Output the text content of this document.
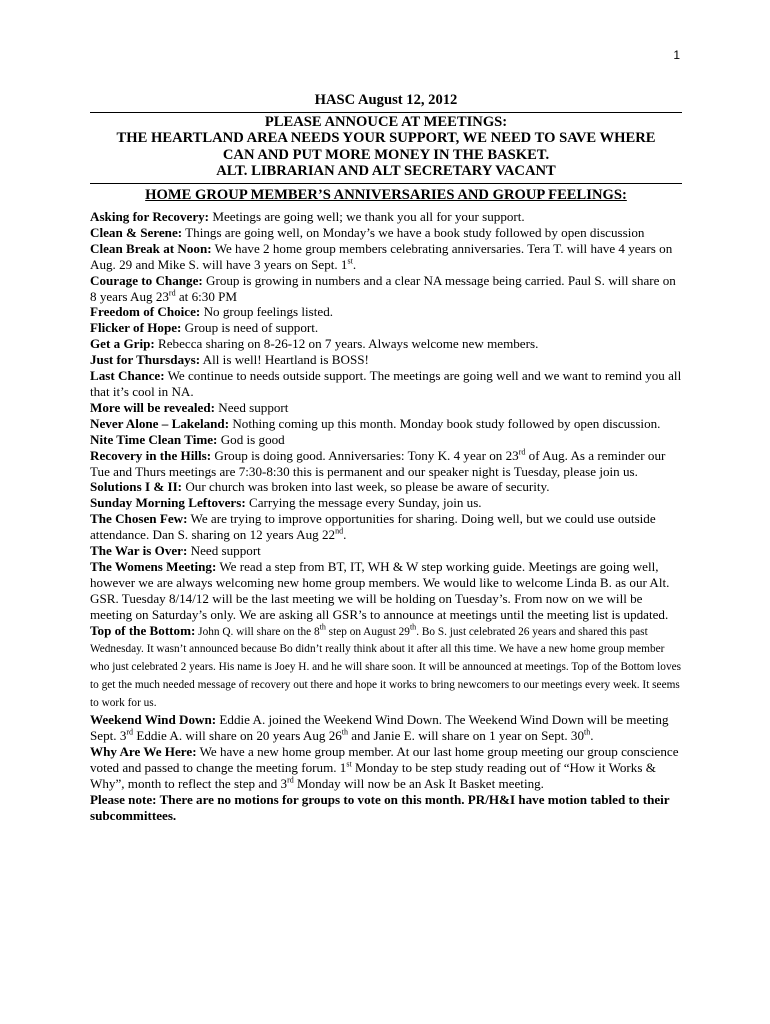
1
HASC August 12, 2012
PLEASE ANNOUCE AT MEETINGS:
THE HEARTLAND AREA NEEDS YOUR SUPPORT, WE NEED TO SAVE WHERE
CAN AND PUT MORE MONEY IN THE BASKET.
ALT. LIBRARIAN AND ALT SECRETARY VACANT
HOME GROUP MEMBER’S ANNIVERSARIES AND GROUP FEELINGS:

Asking for Recovery: Meetings are going well; we thank you all for your support.

Clean & Serene: Things are going well, on Monday’s we have a book study followed by open discussion

Clean Break at Noon: We have 2 home group members celebrating anniversaries. Tera T. will have 4 years on Aug. 29 and Mike S. will have 3 years on Sept. 1st.

Courage to Change: Group is growing in numbers and a clear NA message being carried. Paul S. will share on 8 years Aug 23rd at 6:30 PM

Freedom of Choice: No group feelings listed.

Flicker of Hope: Group is need of support.

Get a Grip: Rebecca sharing on 8-26-12 on 7 years. Always welcome new members.

Just for Thursdays: All is well! Heartland is BOSS!

Last Chance: We continue to needs outside support. The meetings are going well and we want to remind you all that it’s cool in NA.

More will be revealed: Need support

Never Alone – Lakeland: Nothing coming up this month. Monday book study followed by open discussion.

Nite Time Clean Time: God is good

Recovery in the Hills: Group is doing good. Anniversaries: Tony K. 4 year on 23rd of Aug. As a reminder our Tue and Thurs meetings are 7:30-8:30 this is permanent and our speaker night is Tuesday, please join us.

Solutions I & II: Our church was broken into last week, so please be aware of security.

Sunday Morning Leftovers: Carrying the message every Sunday, join us.

The Chosen Few: We are trying to improve opportunities for sharing. Doing well, but we could use outside attendance. Dan S. sharing on 12 years Aug 22nd.

The War is Over: Need support

The Womens Meeting: We read a step from BT, IT, WH & W step working guide. Meetings are going well, however we are always welcoming new home group members. We would like to welcome Linda B. as our Alt. GSR. Tuesday 8/14/12 will be the last meeting we will be holding on Tuesday’s. From now on we will be meeting on Saturday’s only. We are asking all GSR’s to announce at meetings until the meeting list is updated.

Top of the Bottom: John Q. will share on the 8th step on August 29th. Bo S. just celebrated 26 years and shared this past Wednesday. It wasn’t announced because Bo didn’t really think about it after all this time. We have a new home group member who just celebrated 2 years. His name is Joey H. and he will share soon. It will be announced at meetings. Top of the Bottom loves to get the much needed message of recovery out there and hope it works to bring newcomers to our meetings every week. It seems to work for us.

Weekend Wind Down: Eddie A. joined the Weekend Wind Down. The Weekend Wind Down will be meeting Sept. 3rd Eddie A. will share on 20 years Aug 26th and Janie E. will share on 1 year on Sept. 30th.

Why Are We Here: We have a new home group member. At our last home group meeting our group conscience voted and passed to change the meeting forum. 1st Monday to be step study reading out of “How it Works & Why”, month to reflect the step and 3rd Monday will now be an Ask It Basket meeting.

Please note: There are no motions for groups to vote on this month. PR/H&I have motion tabled to their subcommittees.
